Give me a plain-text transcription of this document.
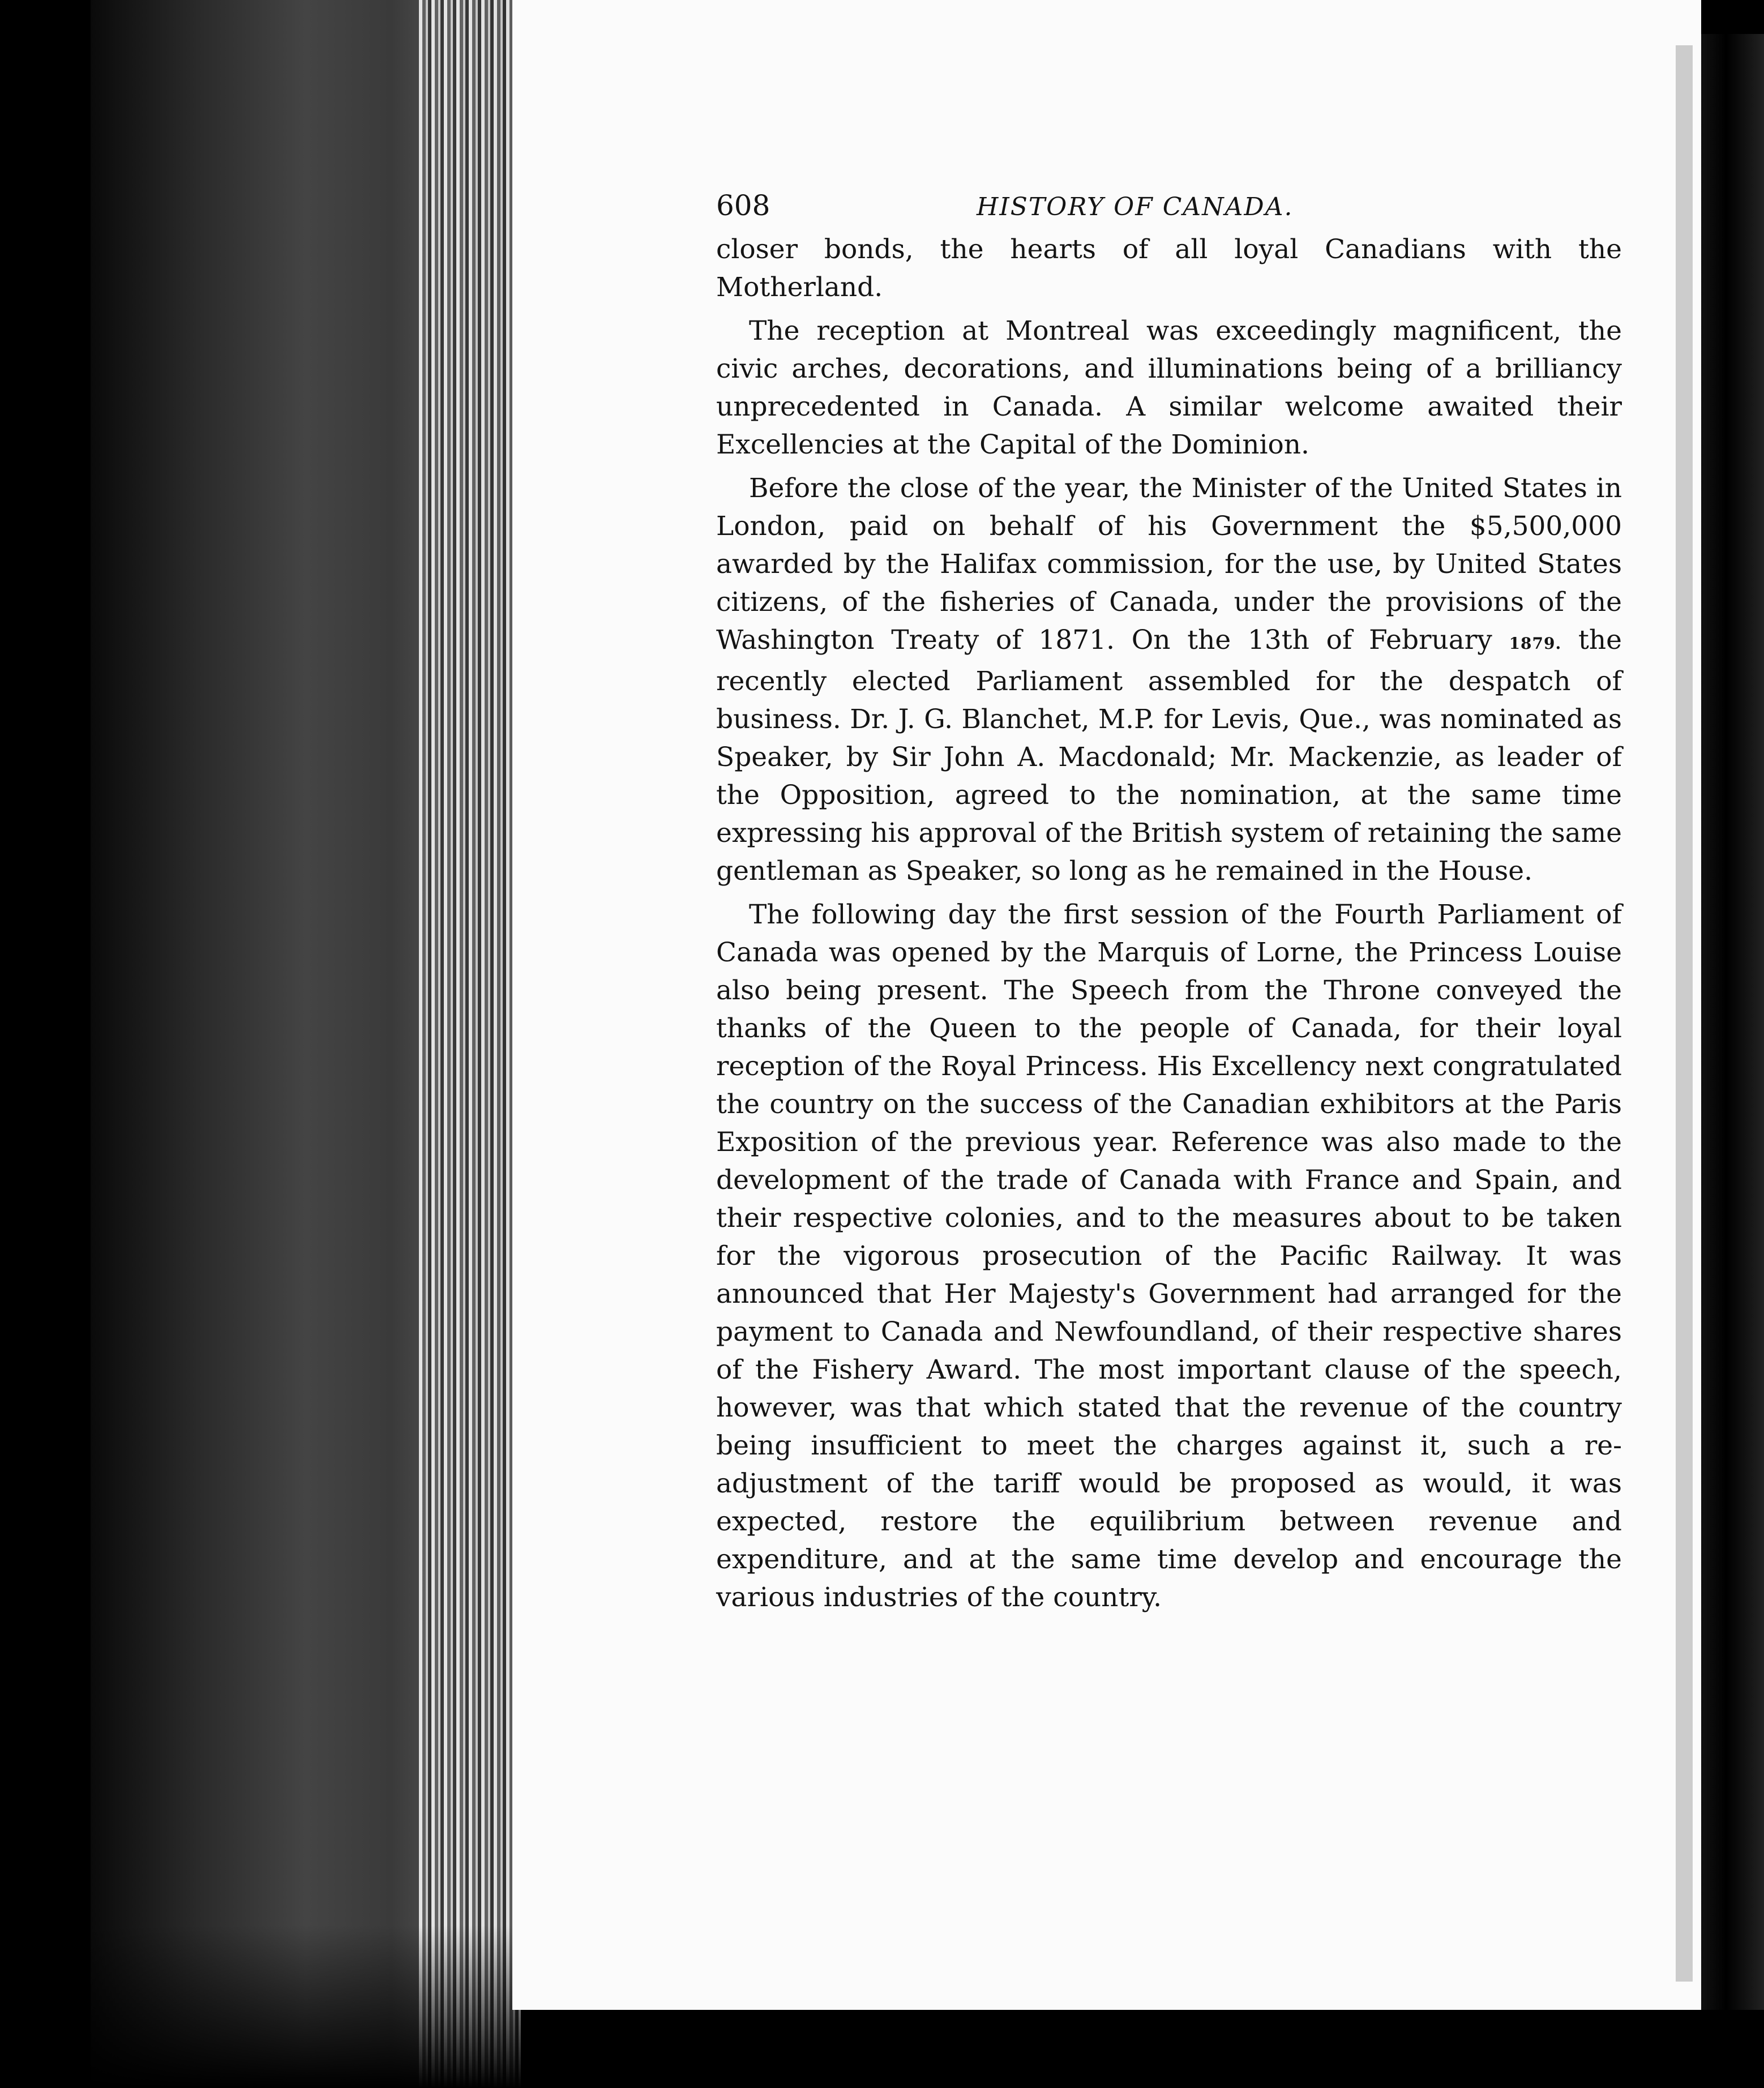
608	HISTORY OF CANADA.

closer bonds, the hearts of all loyal Canadians with the Motherland.

The reception at Montreal was exceedingly magnificent, the civic arches, decorations, and illuminations being of a brilliancy unprecedented in Canada. A similar welcome awaited their Excellencies at the Capital of the Dominion.

Before the close of the year, the Minister of the United States in London, paid on behalf of his Government the $5,500,000 awarded by the Halifax commission, for the use, by United States citizens, of the fisheries of Canada, under the provisions of the Washington Treaty of 1871. On the 13th of February 1879. the recently elected Parliament assembled for the despatch of business. Dr. J. G. Blanchet, M.P. for Levis, Que., was nominated as Speaker, by Sir John A. Macdonald; Mr. Mackenzie, as leader of the Opposition, agreed to the nomination, at the same time expressing his approval of the British system of retaining the same gentleman as Speaker, so long as he remained in the House.

The following day the first session of the Fourth Parliament of Canada was opened by the Marquis of Lorne, the Princess Louise also being present. The Speech from the Throne conveyed the thanks of the Queen to the people of Canada, for their loyal reception of the Royal Princess. His Excellency next congratulated the country on the success of the Canadian exhibitors at the Paris Exposition of the previous year. Reference was also made to the development of the trade of Canada with France and Spain, and their respective colonies, and to the measures about to be taken for the vigorous prosecution of the Pacific Railway. It was announced that Her Majesty's Government had arranged for the payment to Canada and Newfoundland, of their respective shares of the Fishery Award. The most important clause of the speech, however, was that which stated that the revenue of the country being insufficient to meet the charges against it, such a re-adjustment of the tariff would be proposed as would, it was expected, restore the equilibrium between revenue and expenditure, and at the same time develop and encourage the various industries of the country.
